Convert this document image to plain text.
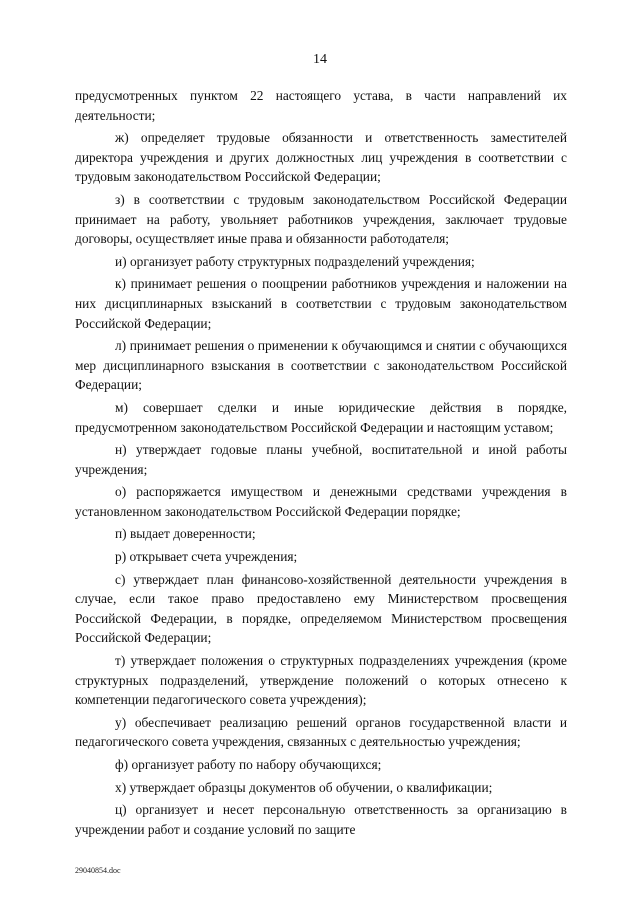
14

предусмотренных пунктом 22 настоящего устава, в части направлений их деятельности;

ж) определяет трудовые обязанности и ответственность заместителей директора учреждения и других должностных лиц учреждения в соответствии с трудовым законодательством Российской Федерации;

з) в соответствии с трудовым законодательством Российской Федерации принимает на работу, увольняет работников учреждения, заключает трудовые договоры, осуществляет иные права и обязанности работодателя;

и) организует работу структурных подразделений учреждения;

к) принимает решения о поощрении работников учреждения и наложении на них дисциплинарных взысканий в соответствии с трудовым законодательством Российской Федерации;

л) принимает решения о применении к обучающимся и снятии с обучающихся мер дисциплинарного взыскания в соответствии с законодательством Российской Федерации;

м) совершает сделки и иные юридические действия в порядке, предусмотренном законодательством Российской Федерации и настоящим уставом;

н) утверждает годовые планы учебной, воспитательной и иной работы учреждения;

о) распоряжается имуществом и денежными средствами учреждения в установленном законодательством Российской Федерации порядке;

п) выдает доверенности;

р) открывает счета учреждения;

с) утверждает план финансово-хозяйственной деятельности учреждения в случае, если такое право предоставлено ему Министерством просвещения Российской Федерации, в порядке, определяемом Министерством просвещения Российской Федерации;

т) утверждает положения о структурных подразделениях учреждения (кроме структурных подразделений, утверждение положений о которых отнесено к компетенции педагогического совета учреждения);

у) обеспечивает реализацию решений органов государственной власти и педагогического совета учреждения, связанных с деятельностью учреждения;

ф) организует работу по набору обучающихся;

х) утверждает образцы документов об обучении, о квалификации;

ц) организует и несет персональную ответственность за организацию в учреждении работ и создание условий по защите

29040854.doc
